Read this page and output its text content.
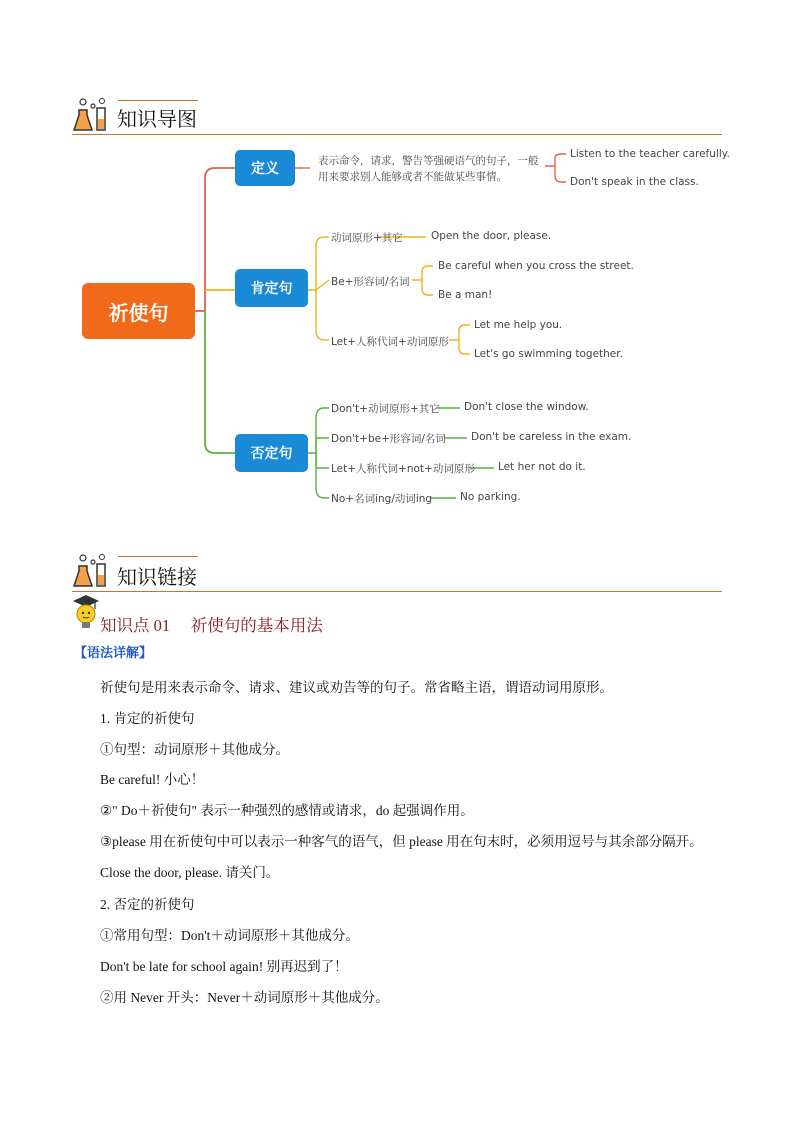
知识导图
祈使句
定义
肯定句
否定句
表示命令，请求，警告等强硬语气的句子，一般
用来要求别人能够或者不能做某些事情。
Listen to the teacher carefully.
Don't speak in the class.
动词原形+其它	Open the door, please.
Be+形容词/名词
Be careful when you cross the street.
Be a man!
Let+人称代词+动词原形
Let me help you.
Let's go swimming together.
Don't+动词原形+其它 Don't close the window.
Don't+be+形容词/名词 Don't be careless in the exam.
Let+人称代词+not+动词原形 Let her not do it.
No+名词ing/动词ing	No parking.
知识链接
知识点 01　 祈使句的基本用法
【语法详解】
祈使句是用来表示命令、请求、建议或劝告等的句子。常省略主语，谓语动词用原形。
1. 肯定的祈使句
①句型：动词原形＋其他成分。
Be careful! 小心！
②" Do＋祈使句" 表示一种强烈的感情或请求，do 起强调作用。
③please 用在祈使句中可以表示一种客气的语气，但 please 用在句末时，必须用逗号与其余部分隔开。
Close the door, please. 请关门。
2. 否定的祈使句
①常用句型：Don't＋动词原形＋其他成分。
Don't be late for school again! 别再迟到了！
②用 Never 开头：Never＋动词原形＋其他成分。
